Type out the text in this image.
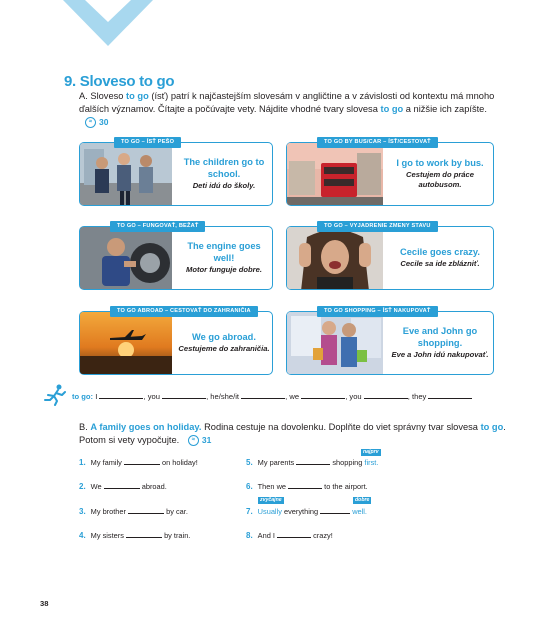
9. Sloveso to go
A. Sloveso to go (ísť) patrí k najčastejším slovesám v angličtine a v závislosti od kontextu má mnoho ďalších významov. Čítajte a počúvajte vety. Nájdite vhodné tvary slovesa to go a nižšie ich zapíšte. ≈ 30
TO GO – ÍSŤ PEŠO
The children go to school.
Deti idú do školy.
TO GO BY BUS/CAR – ÍSŤ/CESTOVAŤ
I go to work by bus.
Cestujem do práce autobusom.
TO GO – FUNGOVAŤ, BEŽAŤ
The engine goes well!
Motor funguje dobre.
TO GO – VYJADRENIE ZMENY STAVU
Cecile goes crazy.
Cecile sa ide zblázniť.
TO GO ABROAD – CESTOVAŤ DO ZAHRANIČIA
We go abroad.
Cestujeme do zahraničia.
TO GO SHOPPING – ÍSŤ NAKUPOVAŤ
Eve and John go shopping.
Eve a John idú nakupovať.
to go: I	, you	, he/she/it	, we	, you	, they
B. A family goes on holiday. Rodina cestuje na dovolenku. Doplňte do viet správny tvar slovesa to go. Potom si vety vypočujte. ≈ 31
1. My family	on holiday!
2. We	abroad.
3. My brother	by car.
4. My sisters	by train.
najprv
5. My parents	shopping first.
6. Then we	to the airport.
zvyčajne	dobre
7. Usually everything	well.
8. And I	crazy!
38
